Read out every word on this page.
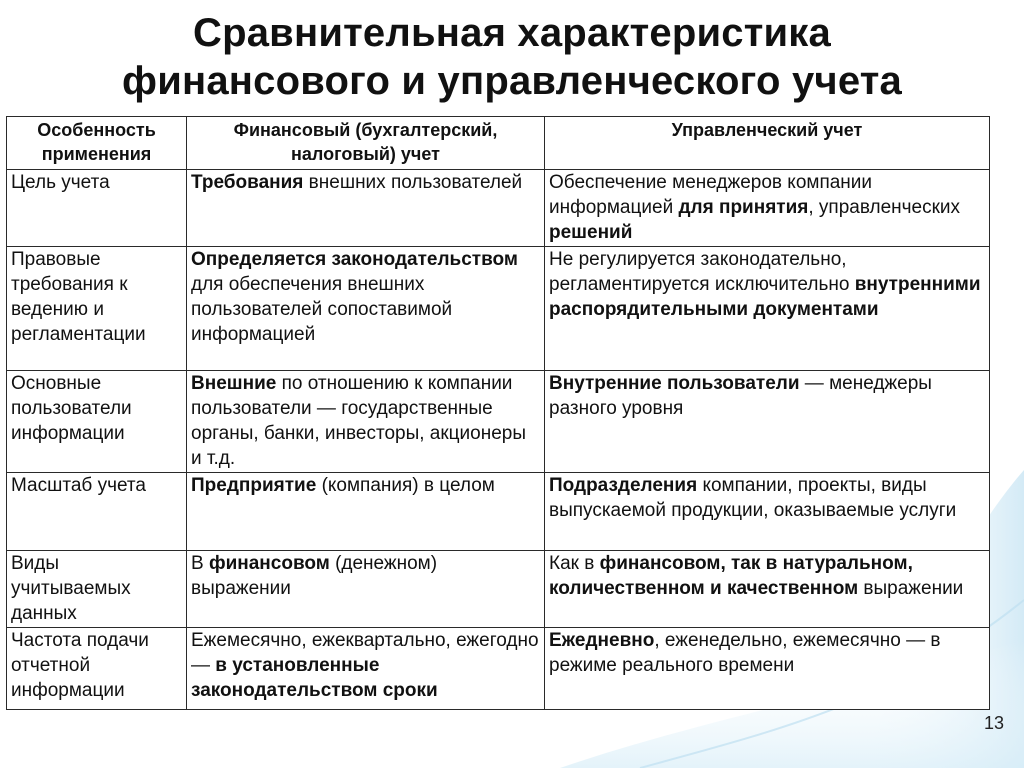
Сравнительная характеристика
финансового и управленческого учета
Особенность применения	Финансовый (бухгалтерский, налоговый) учет	Управленческий учет
Цель учета	Требования внешних пользователей	Обеспечение менеджеров компании информацией для принятия, управленческих решений
Правовые требования к ведению и регламентации	Определяется законодательством для обеспечения внешних пользователей сопоставимой информацией	Не регулируется законодательно, регламентируется исключительно внутренними распорядительными документами
Основные пользователи информации	Внешние по отношению к компании пользователи — государственные органы, банки, инвесторы, акционеры и т.д.	Внутренние пользователи — менеджеры разного уровня
Масштаб учета	Предприятие (компания) в целом	Подразделения компании, проекты, виды выпускаемой продукции, оказываемые услуги
Виды учитываемых данных	В финансовом (денежном) выражении	Как в финансовом, так в натуральном, количественном и качественном выражении
Частота подачи отчетной информации	Ежемесячно, ежеквартально, ежегодно — в установленные законодательством сроки	Ежедневно, еженедельно, ежемесячно — в режиме реального времени
13
